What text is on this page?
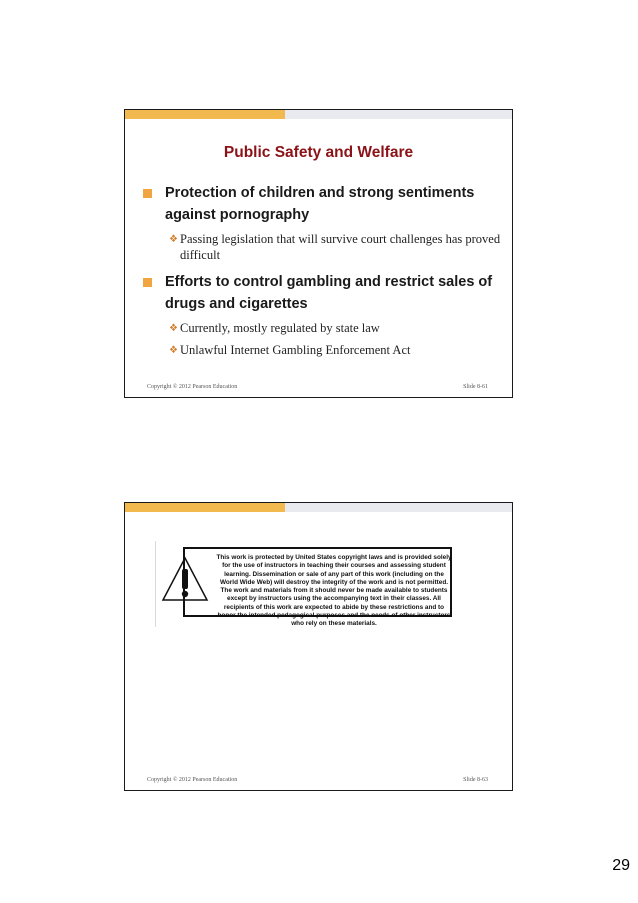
Public Safety and Welfare
Protection of children and strong sentiments against pornography
❖ Passing legislation that will survive court challenges has proved difficult
Efforts to control gambling and restrict sales of drugs and cigarettes
❖ Currently, mostly regulated by state law
❖ Unlawful Internet Gambling Enforcement Act
Copyright © 2012 Pearson Education	Slide 8-61
This work is protected by United States copyright laws and is provided solely for the use of instructors in teaching their courses and assessing student learning. Dissemination or sale of any part of this work (including on the World Wide Web) will destroy the integrity of the work and is not permitted. The work and materials from it should never be made available to students except by instructors using the accompanying text in their classes. All recipients of this work are expected to abide by these restrictions and to honor the intended pedagogical purposes and the needs of other instructors who rely on these materials.
Copyright © 2012 Pearson Education	Slide 8-63
29
